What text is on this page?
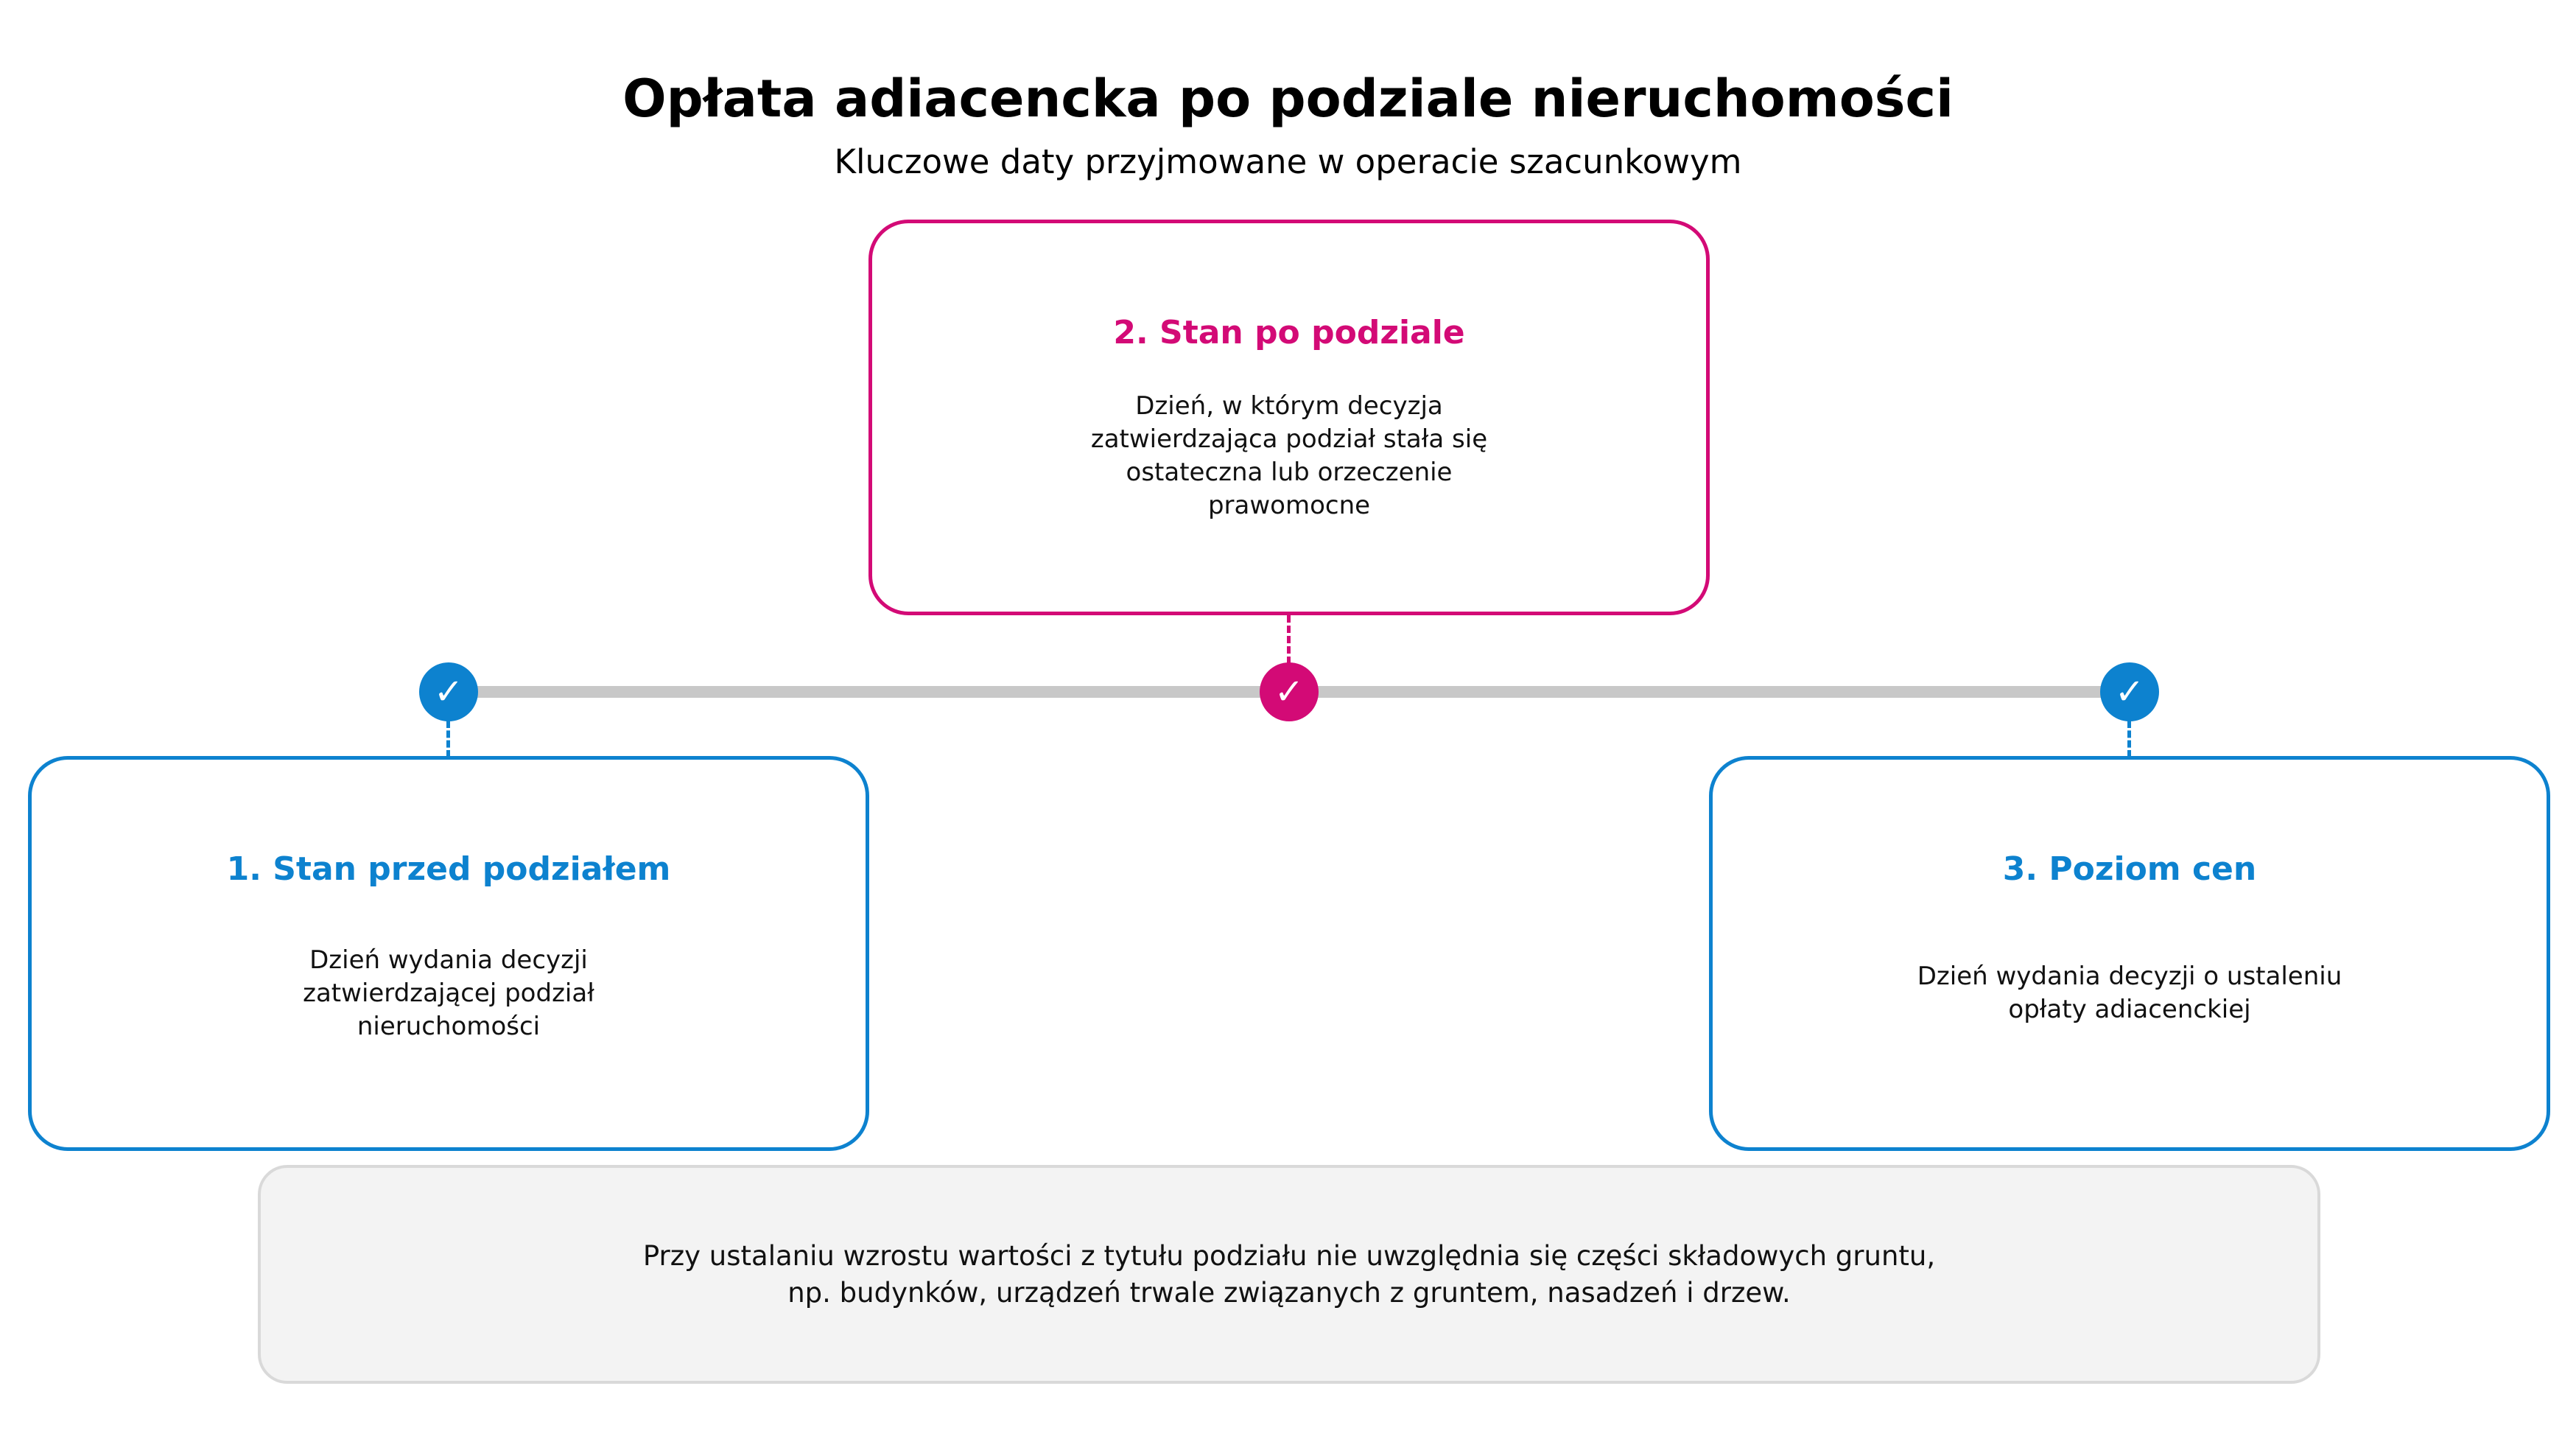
Opłata adiacencka po podziale nieruchomości
Kluczowe daty przyjmowane w operacie szacunkowym

2. Stan po podziale

Dzień, w którym decyzja zatwierdzająca podział stała się ostateczna lub orzeczenie prawomocne

✓	✓	✓

1. Stan przed podziałem

Dzień wydania decyzji zatwierdzającej podział nieruchomości

3. Poziom cen

Dzień wydania decyzji o ustaleniu opłaty adiacenckiej

Przy ustalaniu wzrostu wartości z tytułu podziału nie uwzględnia się części składowych gruntu,
np. budynków, urządzeń trwale związanych z gruntem, nasadzeń i drzew.
